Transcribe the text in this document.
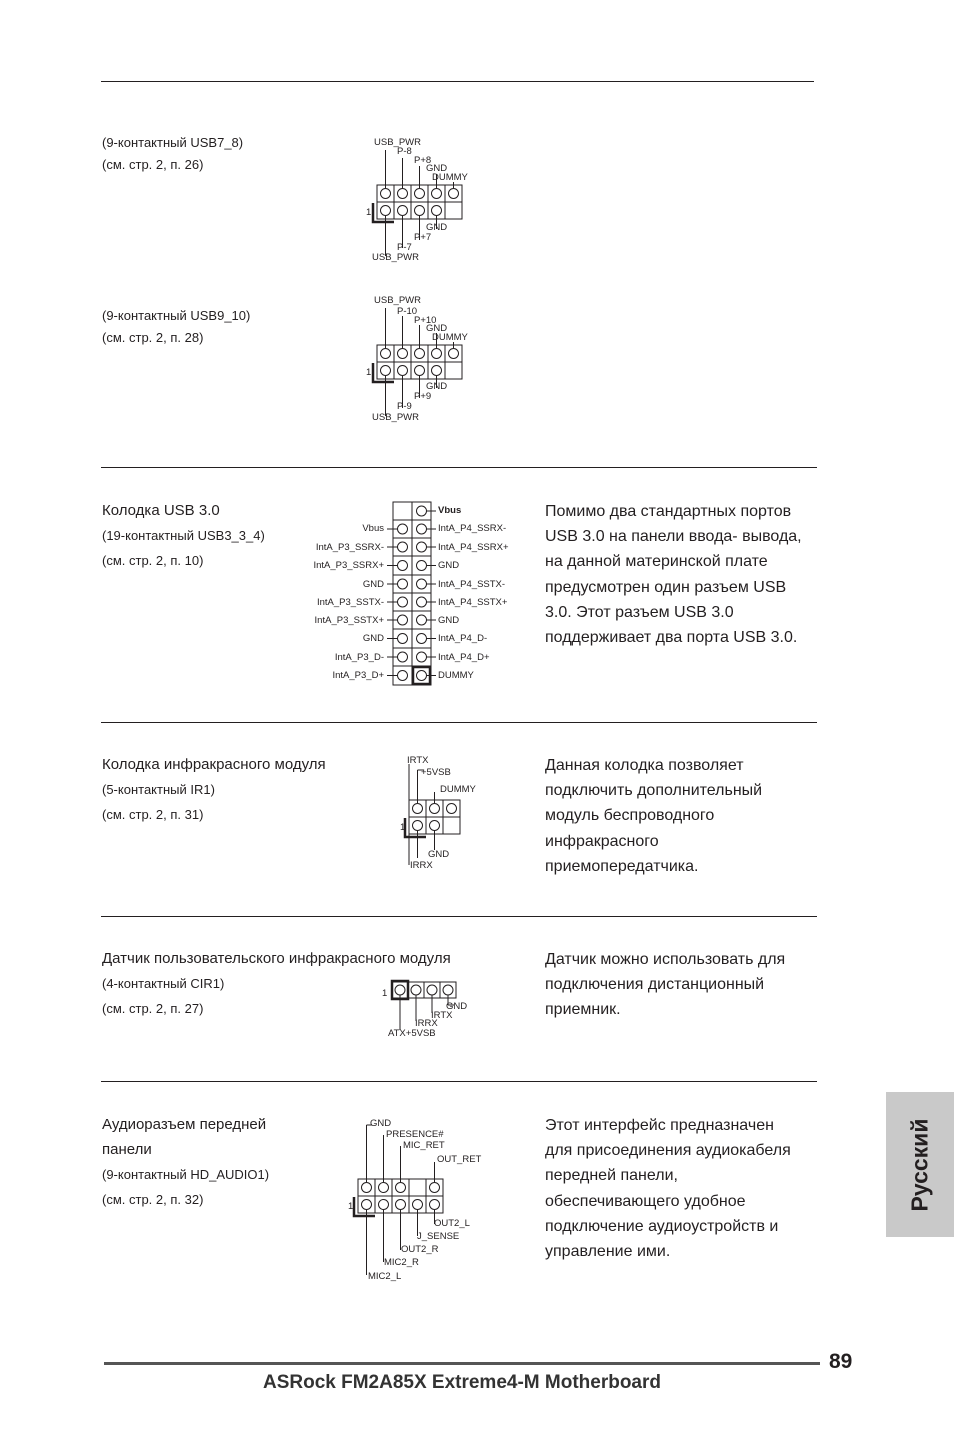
(9-контактный USB7_8)
(см. стр. 2, п. 26)
USB_PWR
P-8
P+8
GND
DUMMY
1
GND
P+7
P-7
USB_PWR
(9-контактный USB9_10)
(см. стр. 2, п. 28)
USB_PWR
P-10
P+10
GND
DUMMY
1
GND
P+9
P-9
USB_PWR
Колодка USB 3.0
(19-контактный USB3_3_4)
(см. стр. 2, п. 10)
Vbus
IntA_P3_SSRX-
IntA_P3_SSRX+
GND
IntA_P3_SSTX-
IntA_P3_SSTX+
GND
IntA_P3_D-
IntA_P3_D+
Vbus
IntA_P4_SSRX-
IntA_P4_SSRX+
GND
IntA_P4_SSTX-
IntA_P4_SSTX+
GND
IntA_P4_D-
IntA_P4_D+
DUMMY
Помимо два стандартных портов
USB 3.0 на панели ввода- вывода,
на данной материнской плате
предусмотрен один разъем USB
3.0. Этот разъем USB 3.0
поддерживает два порта USB 3.0.
Колодка инфракрасного модуля
(5-контактный IR1)
(см. стр. 2, п. 31)
IRTX
+5VSB
DUMMY
1
GND
IRRX
Данная колодка позволяет
подключить дополнительный
модуль беспроводного
инфракрасного
приемопередатчика.
Датчик пользовательского инфракрасного модуля
(4-контактный CIR1)
(см. стр. 2, п. 27)
1
GND
IRTX
IRRX
ATX+5VSB
Датчик можно использовать для
подключения дистанционный
приемник.
Аудиоразъем передней
панели
(9-контактный HD_AUDIO1)
(см. стр. 2, п. 32)
GND
PRESENCE#
MIC_RET
OUT_RET
1
OUT2_L
J_SENSE
OUT2_R
MIC2_R
MIC2_L
Этот интерфейс предназначен
для присоединения аудиокабеля
передней панели,
обеспечивающего удобное
подключение аудиоустройств и
управление ими.
Русский
89
ASRock FM2A85X Extreme4-M Motherboard
